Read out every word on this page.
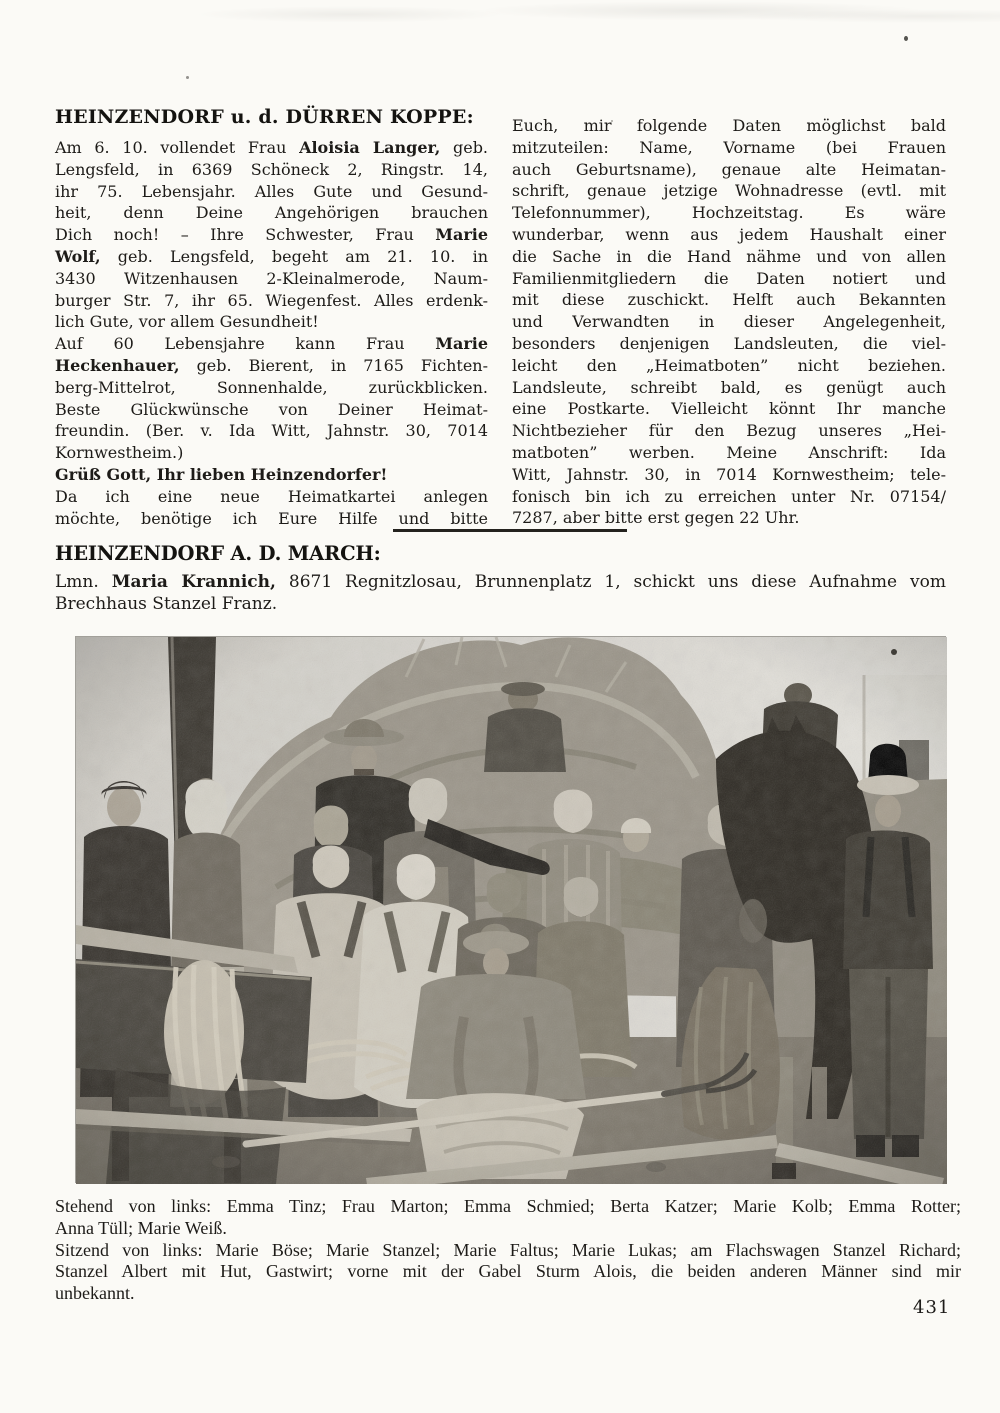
HEINZENDORF u. d. DÜRREN KOPPE:
Am 6. 10. vollendet Frau Aloisia Langer, geb.
Lengsfeld, in 6369 Schöneck 2, Ringstr. 14,
ihr 75. Lebensjahr. Alles Gute und Gesund-
heit, denn Deine Angehörigen brauchen
Dich noch! – Ihre Schwester, Frau Marie
Wolf, geb. Lengsfeld, begeht am 21. 10. in
3430 Witzenhausen 2-Kleinalmerode, Naum-
burger Str. 7, ihr 65. Wiegenfest. Alles erdenk-
lich Gute, vor allem Gesundheit!
Auf 60 Lebensjahre kann Frau Marie
Heckenhauer, geb. Bierent, in 7165 Fichten-
berg-Mittelrot, Sonnenhalde, zurückblicken.
Beste Glückwünsche von Deiner Heimat-
freundin. (Ber. v. Ida Witt, Jahnstr. 30, 7014
Kornwestheim.)
Grüß Gott, Ihr lieben Heinzendorfer!
Da ich eine neue Heimatkartei anlegen
möchte, benötige ich Eure Hilfe und bitte
Euch, mir folgende Daten möglichst bald
mitzuteilen: Name, Vorname (bei Frauen
auch Geburtsname), genaue alte Heimatan-
schrift, genaue jetzige Wohnadresse (evtl. mit
Telefonnummer), Hochzeitstag. Es wäre
wunderbar, wenn aus jedem Haushalt einer
die Sache in die Hand nähme und von allen
Familienmitgliedern die Daten notiert und
mit diese zuschickt. Helft auch Bekannten
und Verwandten in dieser Angelegenheit,
besonders denjenigen Landsleuten, die viel-
leicht den „Heimatboten” nicht beziehen.
Landsleute, schreibt bald, es genügt auch
eine Postkarte. Vielleicht könnt Ihr manche
Nichtbezieher für den Bezug unseres „Hei-
matboten” werben. Meine Anschrift: Ida
Witt, Jahnstr. 30, in 7014 Kornwestheim; tele-
fonisch bin ich zu erreichen unter Nr. 07154/
7287, aber bitte erst gegen 22 Uhr.
HEINZENDORF A. D. MARCH:
Lmn. Maria Krannich, 8671 Regnitzlosau, Brunnenplatz 1, schickt uns diese Aufnahme vom
Brechhaus Stanzel Franz.
Stehend von links: Emma Tinz; Frau Marton; Emma Schmied; Berta Katzer; Marie Kolb; Emma Rotter;
Anna Tüll; Marie Weiß.
Sitzend von links: Marie Böse; Marie Stanzel; Marie Faltus; Marie Lukas; am Flachswagen Stanzel Richard;
Stanzel Albert mit Hut, Gastwirt; vorne mit der Gabel Sturm Alois, die beiden anderen Männer sind mir
unbekannt.
431
